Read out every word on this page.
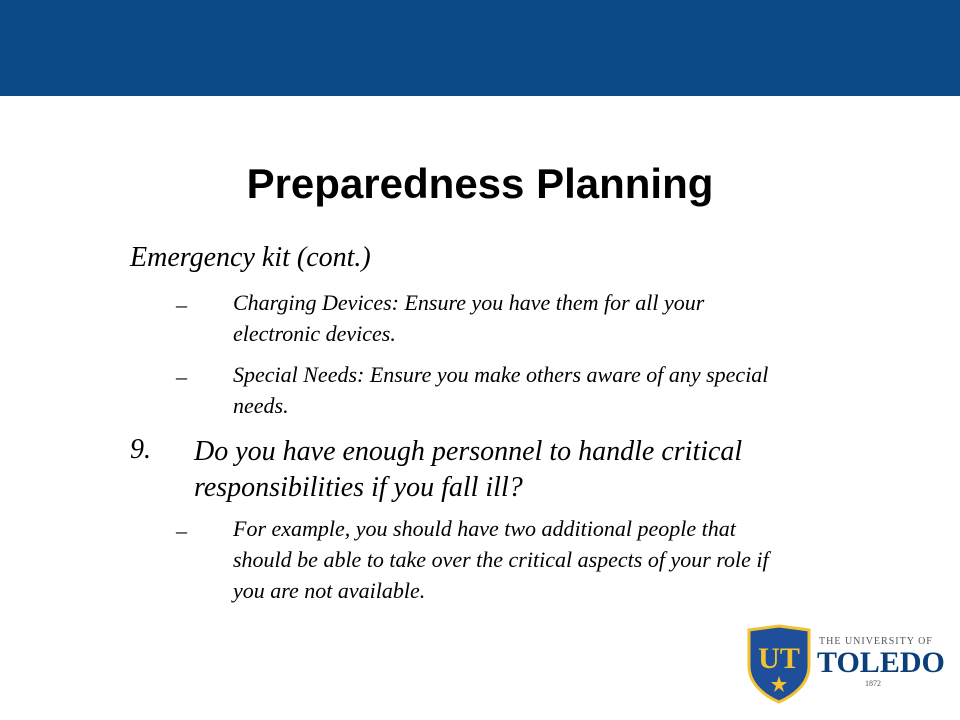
Preparedness Planning
Emergency kit (cont.)
– Charging Devices: Ensure you have them for all your
electronic devices.
– Special Needs: Ensure you make others aware of any special
needs.
9. Do you have enough personnel to handle critical
responsibilities if you fall ill?
– For example, you should have two additional people that
should be able to take over the critical aspects of your role if
you are not available.
UT
THE UNIVERSITY OF
TOLEDO
1872
